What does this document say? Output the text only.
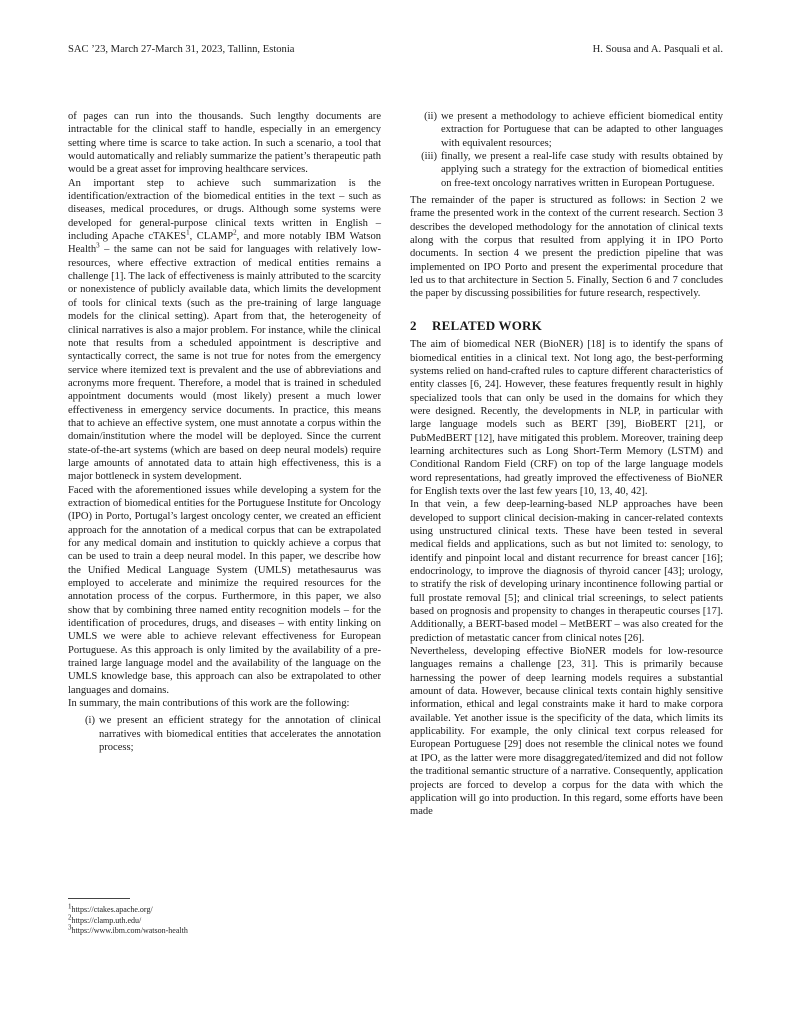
SAC ’23, March 27-March 31, 2023, Tallinn, Estonia	H. Sousa and A. Pasquali et al.

of pages can run into the thousands. Such lengthy documents are intractable for the clinical staff to handle, especially in an emergency setting where time is scarce to take action. In such a scenario, a tool that would automatically and reliably summarize the patient’s therapeutic path would be a great asset for improving healthcare services.

An important step to achieve such summarization is the identification/extraction of the biomedical entities in the text – such as diseases, medical procedures, or drugs. Although some systems were developed for general-purpose clinical texts written in English – including Apache cTAKES$^1$, CLAMP$^2$, and more notably IBM Watson Health$^3$ – the same can not be said for languages with relatively low-resources, where effective extraction of medical entities remains a challenge [1]. The lack of effectiveness is mainly attributed to the scarcity or nonexistence of publicly available data, which limits the development of tools for clinical texts (such as the pre-training of large language models for the clinical setting). Apart from that, the heterogeneity of clinical narratives is also a major problem. For instance, while the clinical note that results from a scheduled appointment is descriptive and syntactically correct, the same is not true for notes from the emergency service where itemized text is prevalent and the use of abbreviations and acronyms more frequent. Therefore, a model that is trained in scheduled appointment documents would (most likely) present a much lower effectiveness in emergency service documents. In practice, this means that to achieve an effective system, one must annotate a corpus within the domain/institution where the model will be deployed. Since the current state-of-the-art systems (which are based on deep neural models) require large amounts of annotated data to attain high effectiveness, this is a major bottleneck in system development.

Faced with the aforementioned issues while developing a system for the extraction of biomedical entities for the Portuguese Institute for Oncology (IPO) in Porto, Portugal’s largest oncology center, we created an efficient approach for the annotation of a medical corpus that can be extrapolated for any medical domain and institution to quickly achieve a corpus that can be used to train a deep neural model. In this paper, we describe how the Unified Medical Language System (UMLS) metathesaurus was employed to accelerate and minimize the required resources for the annotation process of the corpus. Furthermore, in this paper, we also show that by combining three named entity recognition models – for the identification of procedures, drugs, and diseases – with entity linking on UMLS we were able to achieve relevant effectiveness for European Portuguese. As this approach is only limited by the availability of a pre-trained large language model and the availability of the language on the UMLS knowledge base, this approach can also be extrapolated to other languages and domains.

In summary, the main contributions of this work are the following:

(i) we present an efficient strategy for the annotation of clinical narratives with biomedical entities that accelerates the annotation process;
$^1$https://ctakes.apache.org/
$^2$https://clamp.uth.edu/
$^3$https://www.ibm.com/watson-health
(ii) we present a methodology to achieve efficient biomedical entity extraction for Portuguese that can be adapted to other languages with equivalent resources;
(iii) finally, we present a real-life case study with results obtained by applying such a strategy for the extraction of biomedical entities on free-text oncology narratives written in European Portuguese.

The remainder of the paper is structured as follows: in Section 2 we frame the presented work in the context of the current research. Section 3 describes the developed methodology for the annotation of clinical texts along with the corpus that resulted from applying it in IPO Porto documents. In section 4 we present the prediction pipeline that was implemented on IPO Porto and present the experimental procedure that led us to that architecture in Section 5. Finally, Section 6 and 7 concludes the paper by discussing possibilities for future research, respectively.

2 RELATED WORK

The aim of biomedical NER (BioNER) [18] is to identify the spans of biomedical entities in a clinical text. Not long ago, the best-performing systems relied on hand-crafted rules to capture different characteristics of entity classes [6, 24]. However, these features frequently result in highly specialized tools that can only be used in the domains for which they were designed. Recently, the developments in NLP, in particular with large language models such as BERT [39], BioBERT [21], or PubMedBERT [12], have mitigated this problem. Moreover, training deep learning architectures such as Long Short-Term Memory (LSTM) and Conditional Random Field (CRF) on top of the large language models word representations, had greatly improved the effectiveness of BioNER for English texts over the last few years [10, 13, 40, 42].

In that vein, a few deep-learning-based NLP approaches have been developed to support clinical decision-making in cancer-related contexts using unstructured clinical texts. These have been tested in several medical fields and applications, such as but not limited to: senology, to identify and pinpoint local and distant recurrence for breast cancer [16]; endocrinology, to improve the diagnosis of thyroid cancer [43]; urology, to stratify the risk of developing urinary incontinence following partial or full prostate removal [5]; and clinical trial screenings, to select patients based on prognosis and propensity to changes in therapeutic courses [17]. Additionally, a BERT-based model – MetBERT – was also created for the prediction of metastatic cancer from clinical notes [26].

Nevertheless, developing effective BioNER models for low-resource languages remains a challenge [23, 31]. This is primarily because harnessing the power of deep learning models requires a substantial amount of data. However, because clinical texts contain highly sensitive information, ethical and legal constraints make it hard to make corpora available. Yet another issue is the specificity of the data, which limits its applicability. For example, the only clinical text corpus released for European Portuguese [29] does not resemble the clinical notes we found at IPO, as the latter were more disaggregated/itemized and did not follow the traditional semantic structure of a narrative. Consequently, application projects are forced to develop a corpus for the data with which the application will go into production. In this regard, some efforts have been made
